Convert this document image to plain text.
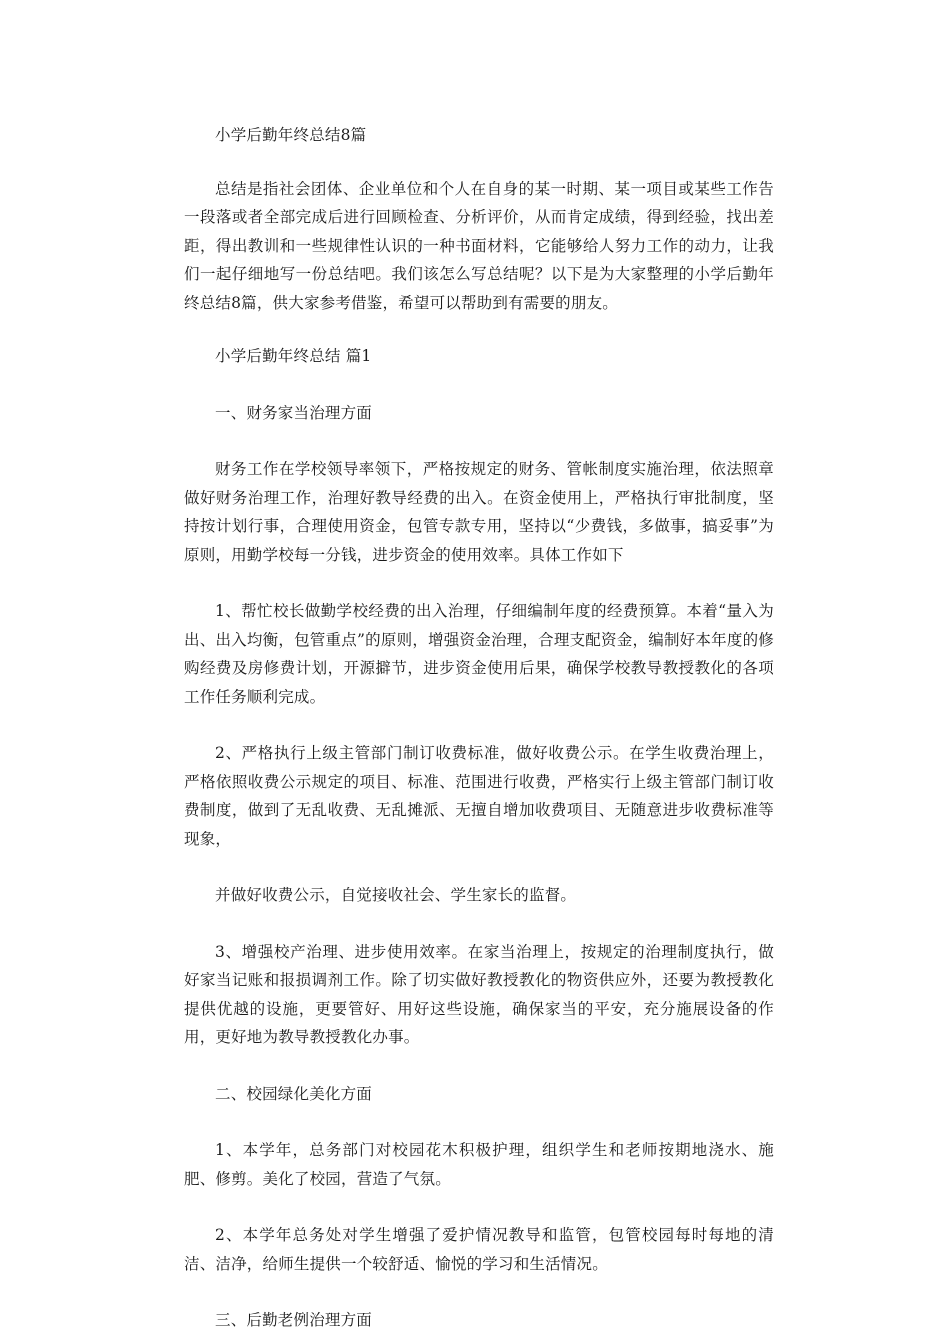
小学后勤年终总结8篇

总结是指社会团体、企业单位和个人在自身的某一时期、某一项目或某些工作告一段落或者全部完成后进行回顾检查、分析评价，从而肯定成绩，得到经验，找出差距，得出教训和一些规律性认识的一种书面材料，它能够给人努力工作的动力，让我们一起仔细地写一份总结吧。我们该怎么写总结呢？以下是为大家整理的小学后勤年终总结8篇，供大家参考借鉴，希望可以帮助到有需要的朋友。

小学后勤年终总结 篇1

一、财务家当治理方面

财务工作在学校领导率领下，严格按规定的财务、管帐制度实施治理，依法照章做好财务治理工作，治理好教导经费的出入。在资金使用上，严格执行审批制度，坚持按计划行事，合理使用资金，包管专款专用，坚持以“少费钱，多做事，搞妥事”为原则，用勤学校每一分钱，进步资金的使用效率。具体工作如下

1、帮忙校长做勤学校经费的出入治理，仔细编制年度的经费预算。本着“量入为出、出入均衡，包管重点”的原则，增强资金治理，合理支配资金，编制好本年度的修购经费及房修费计划，开源擗节，进步资金使用后果，确保学校教导教授教化的各项工作任务顺利完成。

2、严格执行上级主管部门制订收费标准，做好收费公示。在学生收费治理上，严格依照收费公示规定的项目、标准、范围进行收费，严格实行上级主管部门制订收费制度，做到了无乱收费、无乱摊派、无擅自增加收费项目、无随意进步收费标准等现象，

并做好收费公示，自觉接收社会、学生家长的监督。

3、增强校产治理、进步使用效率。在家当治理上，按规定的治理制度执行，做好家当记账和报损调剂工作。除了切实做好教授教化的物资供应外，还要为教授教化提供优越的设施，更要管好、用好这些设施，确保家当的平安，充分施展设备的作用，更好地为教导教授教化办事。

二、校园绿化美化方面

1、本学年，总务部门对校园花木积极护理，组织学生和老师按期地浇水、施肥、修剪。美化了校园，营造了气氛。

2、本学年总务处对学生增强了爱护情况教导和监管，包管校园每时每地的清洁、洁净，给师生提供一个较舒适、愉悦的学习和生活情况。

三、后勤老例治理方面
